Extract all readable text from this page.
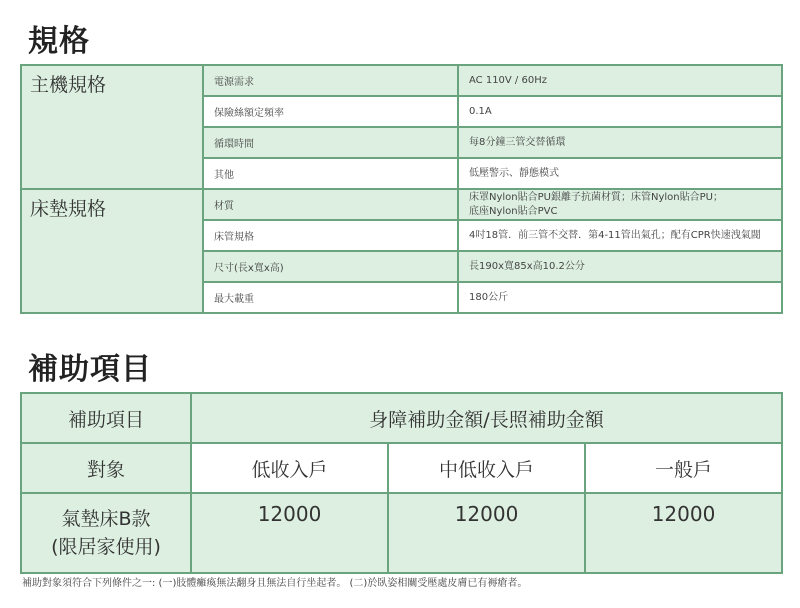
規格
主機規格	電源需求	AC 110V / 60Hz
	保險絲額定頻率	0.1A
	循環時間	每8分鐘三管交替循環
	其他	低壓警示、靜態模式
床墊規格	材質	床罩Nylon貼合PU銀離子抗菌材質；床管Nylon貼合PU；
底座Nylon貼合PVC

	床管規格	4吋18管．前三管不交替．第4-11管出氣孔；配有CPR快速洩氣閥
	尺寸(長x寬x高)	長190x寬85x高10.2公分
	最大載重	180公斤
補助項目
補助項目	身障補助金額/長照補助金額		
對象	低收入戶	中低收入戶	一般戶

氣墊床B款
(限居家使用)	12000	12000	12000
補助對象須符合下列條件之一: (一)肢體癱瘓無法翻身且無法自行坐起者。 (二)於臥姿相關受壓處皮膚已有褥瘡者。
